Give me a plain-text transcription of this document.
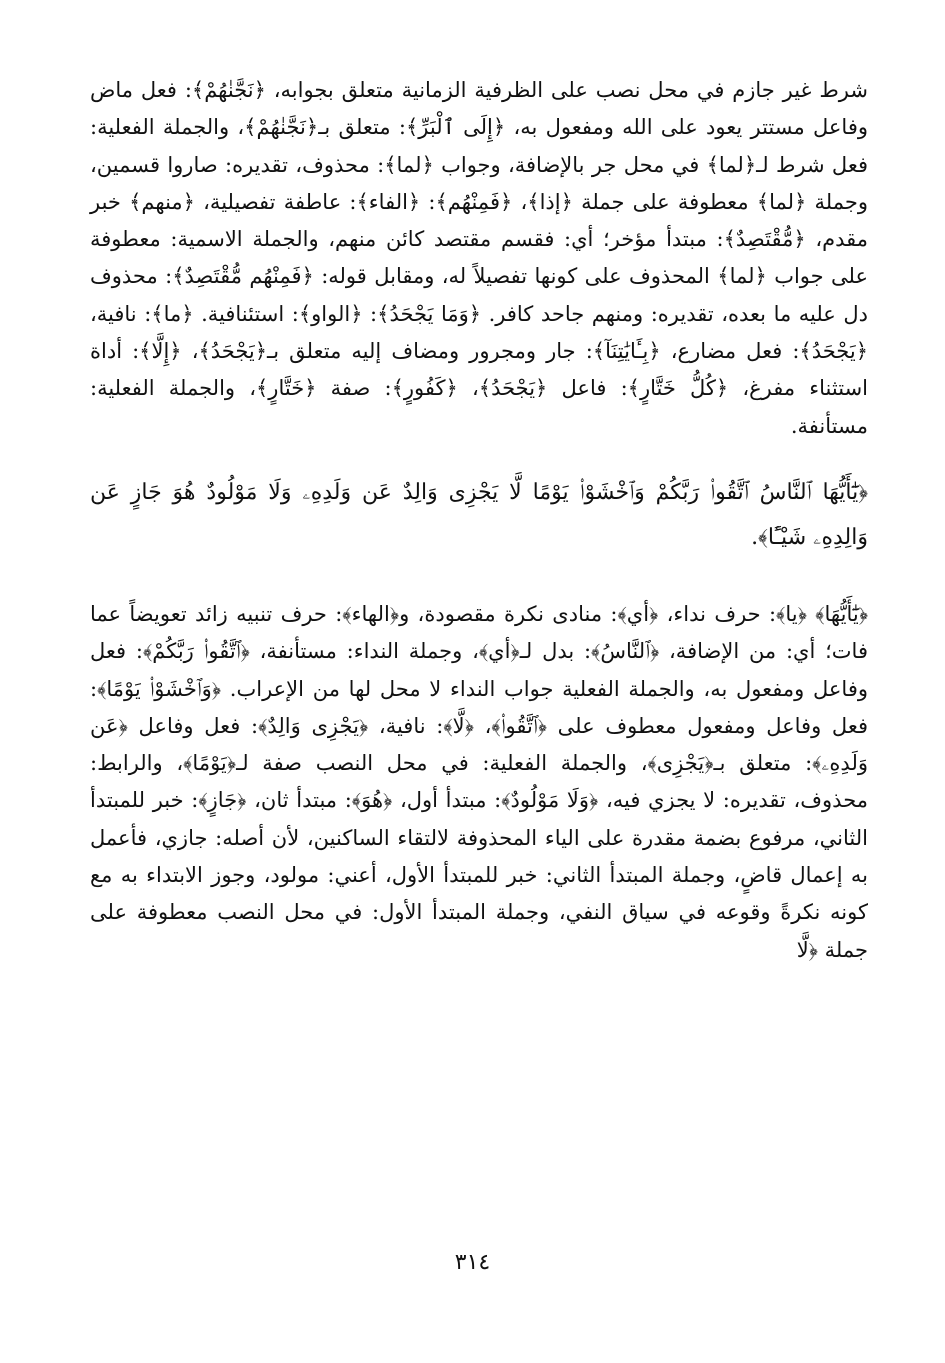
شرط غير جازم في محل نصب على الظرفية الزمانية متعلق بجوابه، ﴿نَجَّنٰهُمْ﴾: فعل ماض وفاعل مستتر يعود على الله ومفعول به، ﴿إِلَى ٱلْبَرِّ﴾: متعلق بـ﴿نَجَّنٰهُمْ﴾، والجملة الفعلية: فعل شرط لـ﴿لما﴾ في محل جر بالإضافة، وجواب ﴿لما﴾: محذوف، تقديره: صاروا قسمين، وجملة ﴿لما﴾ معطوفة على جملة ﴿إذا﴾، ﴿فَمِنْهُم﴾: ﴿الفاء﴾: عاطفة تفصيلية، ﴿منهم﴾ خبر مقدم، ﴿مُّقْتَصِدٌ﴾: مبتدأ مؤخر؛ أي: فقسم مقتصد كائن منهم، والجملة الاسمية: معطوفة على جواب ﴿لما﴾ المحذوف على كونها تفصيلاً له، ومقابل قوله: ﴿فَمِنْهُم مُّقْتَصِدٌ﴾: محذوف دل عليه ما بعده، تقديره: ومنهم جاحد كافر. ﴿وَمَا يَجْحَدُ﴾: ﴿الواو﴾: استئنافية. ﴿ما﴾: نافية، ﴿يَجْحَدُ﴾: فعل مضارع، ﴿بِـَٔايَٰتِنَآ﴾: جار ومجرور ومضاف إليه متعلق بـ﴿يَجْحَدُ﴾، ﴿إِلَّا﴾: أداة استثناء مفرغ، ﴿كُلُّ خَتَّارٍ﴾: فاعل ﴿يَجْحَدُ﴾، ﴿كَفُورٍ﴾: صفة ﴿خَتَّارٍ﴾، والجملة الفعلية: مستأنفة.

﴿يَٰٓأَيُّهَا ٱلنَّاسُ ٱتَّقُوا۟ رَبَّكُمْ وَٱخْشَوْا۟ يَوْمًا لَّا يَجْزِى وَالِدٌ عَن وَلَدِهِۦ وَلَا مَوْلُودٌ هُوَ جَازٍ عَن وَالِدِهِۦ شَيْـًٔا﴾.

﴿يَٰٓأَيُّهَا﴾ ﴿يا﴾: حرف نداء، ﴿أي﴾: منادى نكرة مقصودة، و﴿الهاء﴾: حرف تنبيه زائد تعويضاً عما فات؛ أي: من الإضافة، ﴿ٱلنَّاسُ﴾: بدل لـ﴿أي﴾، وجملة النداء: مستأنفة، ﴿ٱتَّقُوا۟ رَبَّكُمْ﴾: فعل وفاعل ومفعول به، والجملة الفعلية جواب النداء لا محل لها من الإعراب. ﴿وَٱخْشَوْا۟ يَوْمًا﴾: فعل وفاعل ومفعول معطوف على ﴿ٱتَّقُوا۟﴾، ﴿لَّا﴾: نافية، ﴿يَجْزِى وَالِدٌ﴾: فعل وفاعل ﴿عَن وَلَدِهِۦ﴾: متعلق بـ﴿يَجْزِى﴾، والجملة الفعلية: في محل النصب صفة لـ﴿يَوْمًا﴾، والرابط: محذوف، تقديره: لا يجزي فيه، ﴿وَلَا مَوْلُودٌ﴾: مبتدأ أول، ﴿هُوَ﴾: مبتدأ ثان، ﴿جَازٍ﴾: خبر للمبتدأ الثاني، مرفوع بضمة مقدرة على الياء المحذوفة لالتقاء الساكنين، لأن أصله: جازي، فأعمل به إعمال قاضٍ، وجملة المبتدأ الثاني: خبر للمبتدأ الأول، أعني: مولود، وجوز الابتداء به مع كونه نكرةً وقوعه في سياق النفي، وجملة المبتدأ الأول: في محل النصب معطوفة على جملة ﴿لَّا

٣١٤
